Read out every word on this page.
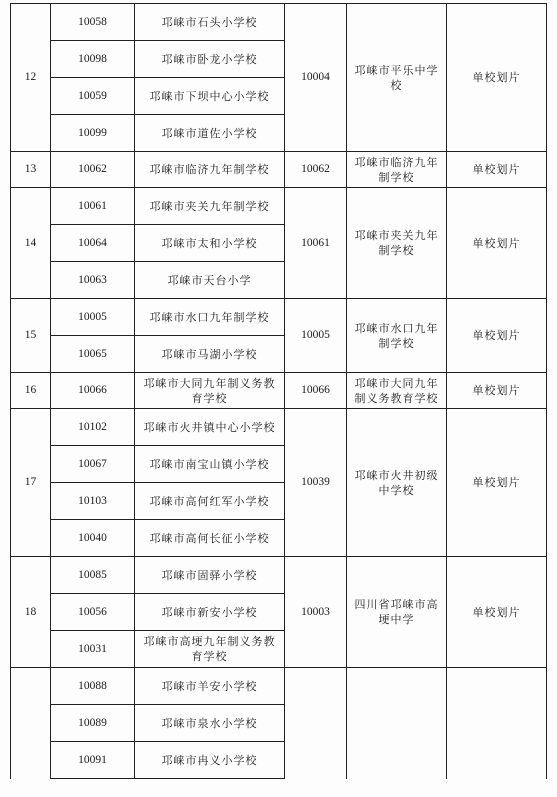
12	10058	邛崃市石头小学校	10004	邛崃市平乐中学校	单校划片
	10098	邛崃市卧龙小学校			
	10059	邛崃市下坝中心小学校			
	10099	邛崃市道佐小学校			
13	10062	邛崃市临济九年制学校	10062	邛崃市临济九年制学校	单校划片
14	10061	邛崃市夹关九年制学校	10061	邛崃市夹关九年制学校	单校划片
	10064	邛崃市太和小学校			
	10063	邛崃市天台小学			
15	10005	邛崃市水口九年制学校	10005	邛崃市水口九年制学校	单校划片
	10065	邛崃市马湖小学校			
16	10066	邛崃市大同九年制义务教育学校	10066	邛崃市大同九年制义务教育学校	单校划片
17	10102	邛崃市火井镇中心小学校	10039	邛崃市火井初级中学校	单校划片
	10067	邛崃市南宝山镇小学校			
	10103	邛崃市高何红军小学校			
	10040	邛崃市高何长征小学校			
18	10085	邛崃市固驿小学校	10003	四川省邛崃市高埂中学	单校划片
	10056	邛崃市新安小学校			
	10031	邛崃市高埂九年制义务教育学校			
	10088	邛崃市羊安小学校			
	10089	邛崃市泉水小学校			
	10091	邛崃市冉义小学校			
